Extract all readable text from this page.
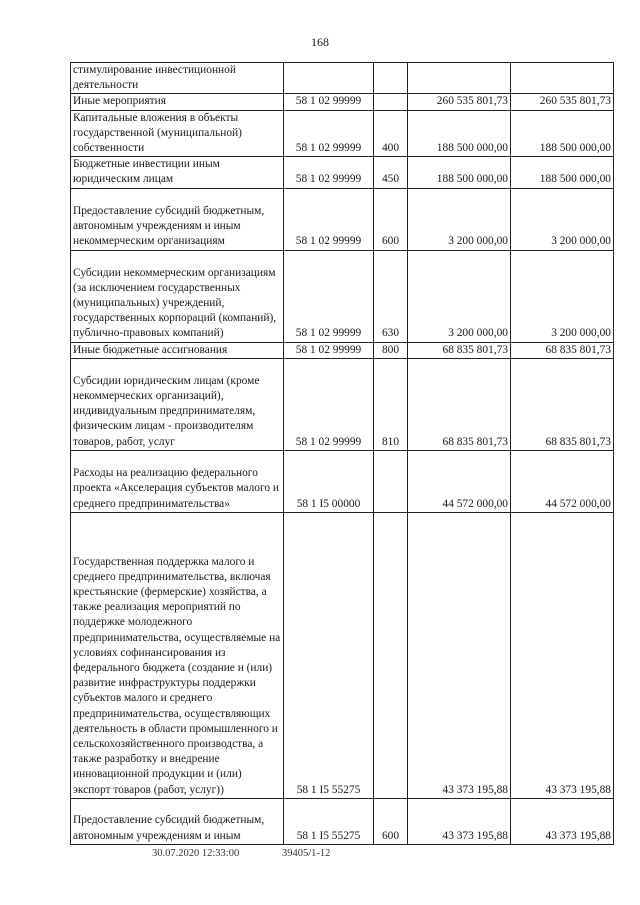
168
стимулирование инвестиционной деятельности				
Иные мероприятия	58 1 02 99999		260 535 801,73	260 535 801,73
Капитальные вложения в объекты государственной (муниципальной) собственности	58 1 02 99999	400	188 500 000,00	188 500 000,00
Бюджетные инвестиции иным юридическим лицам	58 1 02 99999	450	188 500 000,00	188 500 000,00
Предоставление субсидий бюджетным, автономным учреждениям и иным некоммерческим организациям	58 1 02 99999	600	3 200 000,00	3 200 000,00
Субсидии некоммерческим организациям (за исключением государственных (муниципальных) учреждений, государственных корпораций (компаний), публично-правовых компаний)	58 1 02 99999	630	3 200 000,00	3 200 000,00
Иные бюджетные ассигнования	58 1 02 99999	800	68 835 801,73	68 835 801,73
Субсидии юридическим лицам (кроме некоммерческих организаций), индивидуальным предпринимателям, физическим лицам - производителям товаров, работ, услуг	58 1 02 99999	810	68 835 801,73	68 835 801,73
Расходы на реализацию федерального проекта «Акселерация субъектов малого и среднего предпринимательства»	58 1 I5 00000		44 572 000,00	44 572 000,00
Государственная поддержка малого и среднего предпринимательства, включая крестьянские (фермерские) хозяйства, а также реализация мероприятий по поддержке молодежного предпринимательства, осуществляемые на условиях софинансирования из федерального бюджета (создание и (или) развитие инфраструктуры поддержки субъектов малого и среднего предпринимательства, осуществляющих деятельность в области промышленного и сельскохозяйственного производства, а также разработку и внедрение инновационной продукции и (или) экспорт товаров (работ, услуг))	58 1 I5 55275		43 373 195,88	43 373 195,88
Предоставление субсидий бюджетным, автономным учреждениям и иным	58 1 I5 55275	600	43 373 195,88	43 373 195,88
30.07.2020 12:33:00	39405/1-12
